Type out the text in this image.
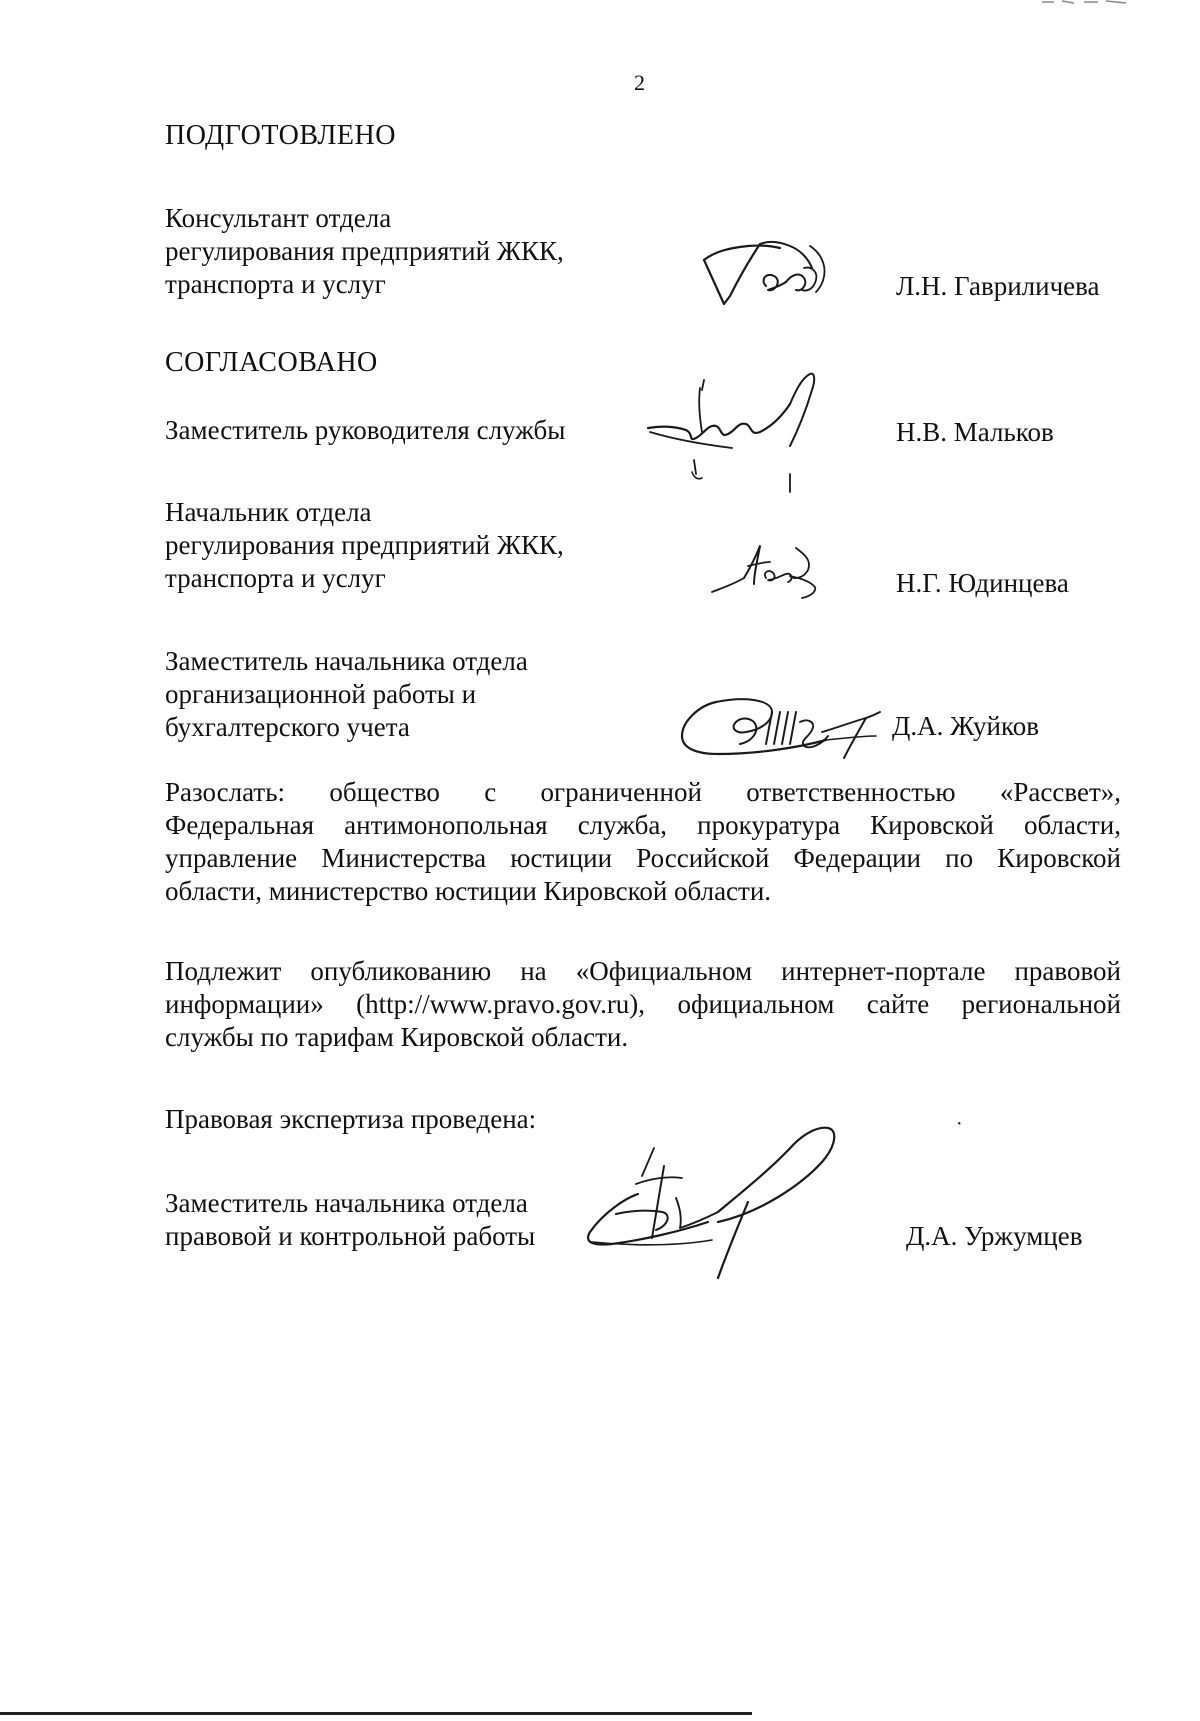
2
ПОДГОТОВЛЕНО
Консультант отдела
регулирования предприятий ЖКК,
транспорта и услуг	Л.Н. Гавриличева
СОГЛАСОВАНО
Заместитель руководителя службы	Н.В. Мальков
Начальник отдела
регулирования предприятий ЖКК,
транспорта и услуг	Н.Г. Юдинцева
Заместитель начальника отдела
организационной работы и
бухгалтерского учета	Д.А. Жуйков
Разослать: общество с ограниченной ответственностью «Рассвет»,
Федеральная антимонопольная служба, прокуратура Кировской области,
управление Министерства юстиции Российской Федерации по Кировской
области, министерство юстиции Кировской области.
Подлежит опубликованию на «Официальном интернет-портале правовой
информации» (http://www.pravo.gov.ru), официальном сайте региональной
службы по тарифам Кировской области.
Правовая экспертиза проведена:
Заместитель начальника отдела
правовой и контрольной работы	Д.А. Уржумцев
